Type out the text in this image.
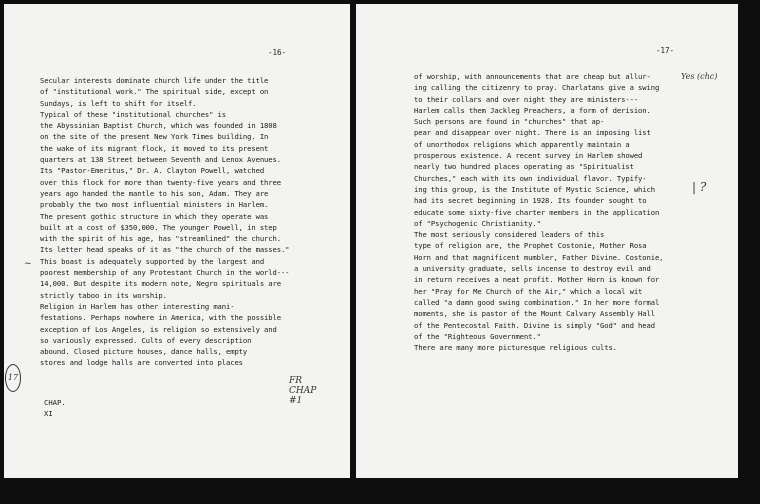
-16-
Secular interests dominate church life under the title
of "institutional work." The spiritual side, except on
Sundays, is left to shift for itself.
Typical of these "institutional churches" is
the Abyssinian Baptist Church, which was founded in 1808
on the site of the present New York Times building. In
the wake of its migrant flock, it moved to its present
quarters at 138 Street between Seventh and Lenox Avenues.
Its "Pastor-Emeritus," Dr. A. Clayton Powell, watched
over this flock for more than twenty-five years and three
years ago handed the mantle to his son, Adam. They are
probably the two most influential ministers in Harlem.
The present gothic structure in which they operate was
built at a cost of $350,000. The younger Powell, in step
with the spirit of his age, has "streamlined" the church.
Its letter head speaks of it as "the church of the masses."
This boast is adequately supported by the largest and
poorest membership of any Protestant Church in the world---
14,000. But despite its modern note, Negro spirituals are
strictly taboo in its worship.
Religion in Harlem has other interesting mani-
festations. Perhaps nowhere in America, with the possible
exception of Los Angeles, is religion so extensively and
so variously expressed. Cults of every description
abound. Closed picture houses, dance halls, empty
stores and lodge halls are converted into places
17
CHAP.
XI
FR CHAP #1
~
-17-
of worship, with announcements that are cheap but allur-
ing calling the citizenry to pray. Charlatans give a swing
to their collars and over night they are ministers---
Harlem calls them Jackleg Preachers, a form of derision.
Such persons are found in "churches" that ap-
pear and disappear over night. There is an imposing list
of unorthodox religions which apparently maintain a
prosperous existence. A recent survey in Harlem showed
nearly two hundred places operating as "Spiritualist
Churches," each with its own individual flavor. Typify-
ing this group, is the Institute of Mystic Science, which
had its secret beginning in 1928. Its founder sought to
educate some sixty-five charter members in the application
of "Psychogenic Christianity."
The most seriously considered leaders of this
type of religion are, the Prophet Costonie, Mother Rosa
Horn and that magnificent mumbler, Father Divine. Costonie,
a university graduate, sells incense to destroy evil and
in return receives a neat profit. Mother Horn is known for
her "Pray for Me Church of the Air," which a local wit
called "a damn good swing combination." In her more formal
moments, she is pastor of the Mount Calvary Assembly Hall
of the Pentecostal Faith. Divine is simply "God" and head
of the "Righteous Government."
There are many more picturesque religious cults.
Yes (chc)
| ?
